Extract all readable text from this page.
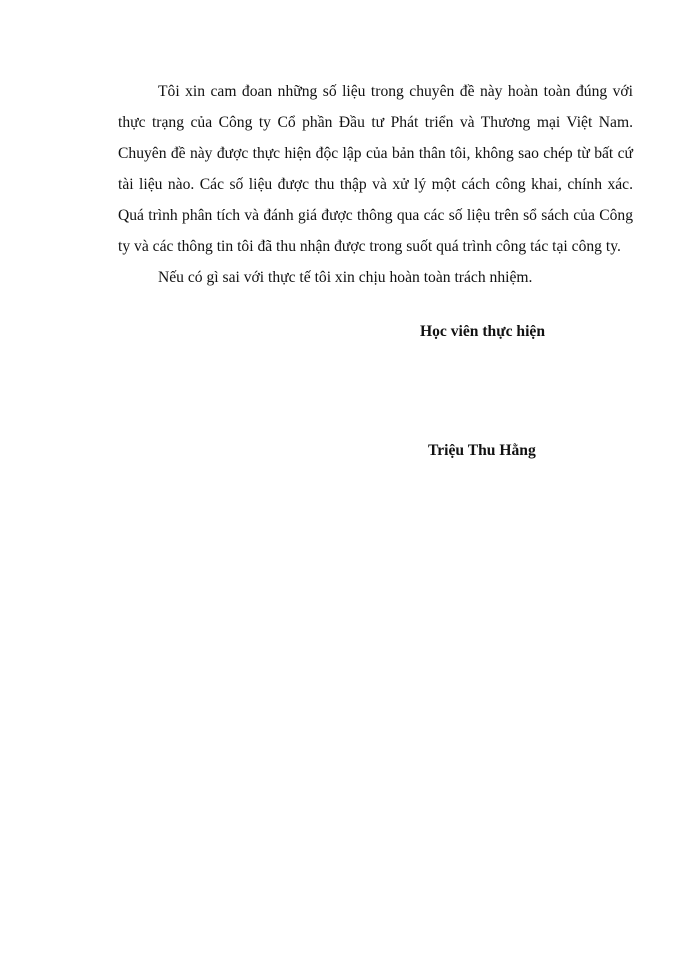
Tôi xin cam đoan những số liệu trong chuyên đề này hoàn toàn đúng với thực trạng của Công ty Cổ phần Đầu tư Phát triển và Thương mại Việt Nam. Chuyên đề này được thực hiện độc lập của bản thân tôi, không sao chép từ bất cứ tài liệu nào. Các số liệu được thu thập và xử lý một cách công khai, chính xác. Quá trình phân tích và đánh giá được thông qua các số liệu trên sổ sách của Công ty và các thông tin tôi đã thu nhận được trong suốt quá trình công tác tại công ty.

Nếu có gì sai với thực tế tôi xin chịu hoàn toàn trách nhiệm.

Học viên thực hiện

Triệu Thu Hằng
